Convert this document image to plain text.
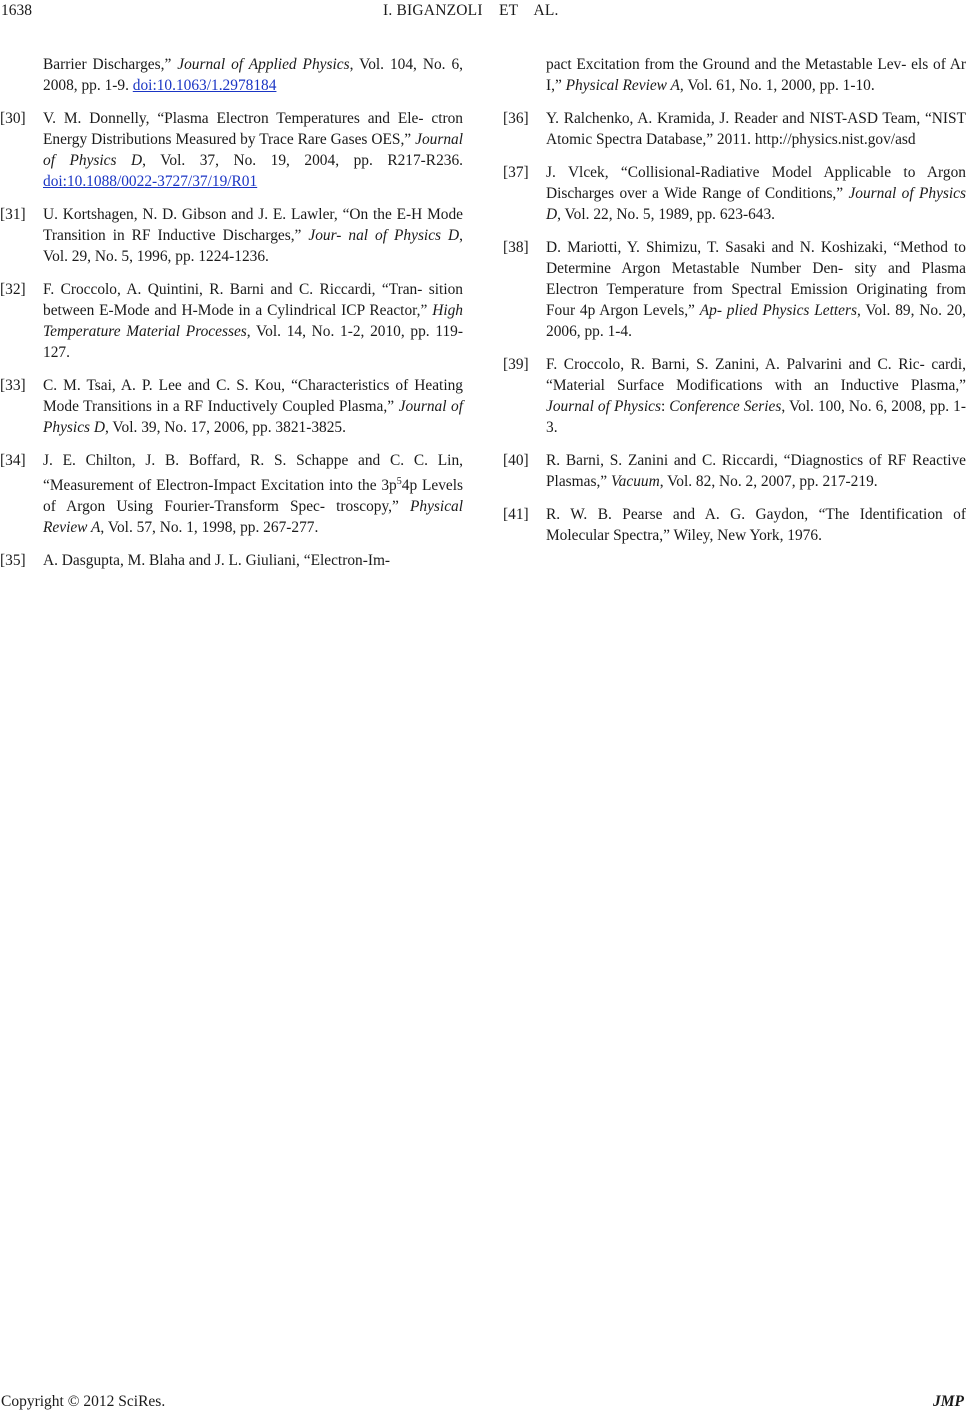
1638	I. BIGANZOLI    ET    AL.
Barrier Discharges,” Journal of Applied Physics, Vol. 104, No. 6, 2008, pp. 1-9. doi:10.1063/1.2978184
[30] V. M. Donnelly, “Plasma Electron Temperatures and Ele- ctron Energy Distributions Measured by Trace Rare Gases OES,” Journal of Physics D, Vol. 37, No. 19, 2004, pp. R217-R236. doi:10.1088/0022-3727/37/19/R01
[31] U. Kortshagen, N. D. Gibson and J. E. Lawler, “On the E-H Mode Transition in RF Inductive Discharges,” Jour- nal of Physics D, Vol. 29, No. 5, 1996, pp. 1224-1236.
[32] F. Croccolo, A. Quintini, R. Barni and C. Riccardi, “Tran- sition between E-Mode and H-Mode in a Cylindrical ICP Reactor,” High Temperature Material Processes, Vol. 14, No. 1-2, 2010, pp. 119-127.
[33] C. M. Tsai, A. P. Lee and C. S. Kou, “Characteristics of Heating Mode Transitions in a RF Inductively Coupled Plasma,” Journal of Physics D, Vol. 39, No. 17, 2006, pp. 3821-3825.
[34] J. E. Chilton, J. B. Boffard, R. S. Schappe and C. C. Lin, “Measurement of Electron-Impact Excitation into the $3p^54p$ Levels of Argon Using Fourier-Transform Spec- troscopy,” Physical Review A, Vol. 57, No. 1, 1998, pp. 267-277.
[35] A. Dasgupta, M. Blaha and J. L. Giuliani, “Electron-Im-
pact Excitation from the Ground and the Metastable Lev- els of Ar I,” Physical Review A, Vol. 61, No. 1, 2000, pp. 1-10.
[36] Y. Ralchenko, A. Kramida, J. Reader and NIST-ASD Team, “NIST Atomic Spectra Database,” 2011. http://physics.nist.gov/asd
[37] J. Vlcek, “Collisional-Radiative Model Applicable to Argon Discharges over a Wide Range of Conditions,” Journal of Physics D, Vol. 22, No. 5, 1989, pp. 623-643.
[38] D. Mariotti, Y. Shimizu, T. Sasaki and N. Koshizaki, “Method to Determine Argon Metastable Number Den- sity and Plasma Electron Temperature from Spectral Emission Originating from Four 4p Argon Levels,” Ap- plied Physics Letters, Vol. 89, No. 20, 2006, pp. 1-4.
[39] F. Croccolo, R. Barni, S. Zanini, A. Palvarini and C. Ric- cardi, “Material Surface Modifications with an Inductive Plasma,” Journal of Physics: Conference Series, Vol. 100, No. 6, 2008, pp. 1-3.
[40] R. Barni, S. Zanini and C. Riccardi, “Diagnostics of RF Reactive Plasmas,” Vacuum, Vol. 82, No. 2, 2007, pp. 217-219.
[41] R. W. B. Pearse and A. G. Gaydon, “The Identification of Molecular Spectra,” Wiley, New York, 1976.
Copyright © 2012 SciRes.	JMP
